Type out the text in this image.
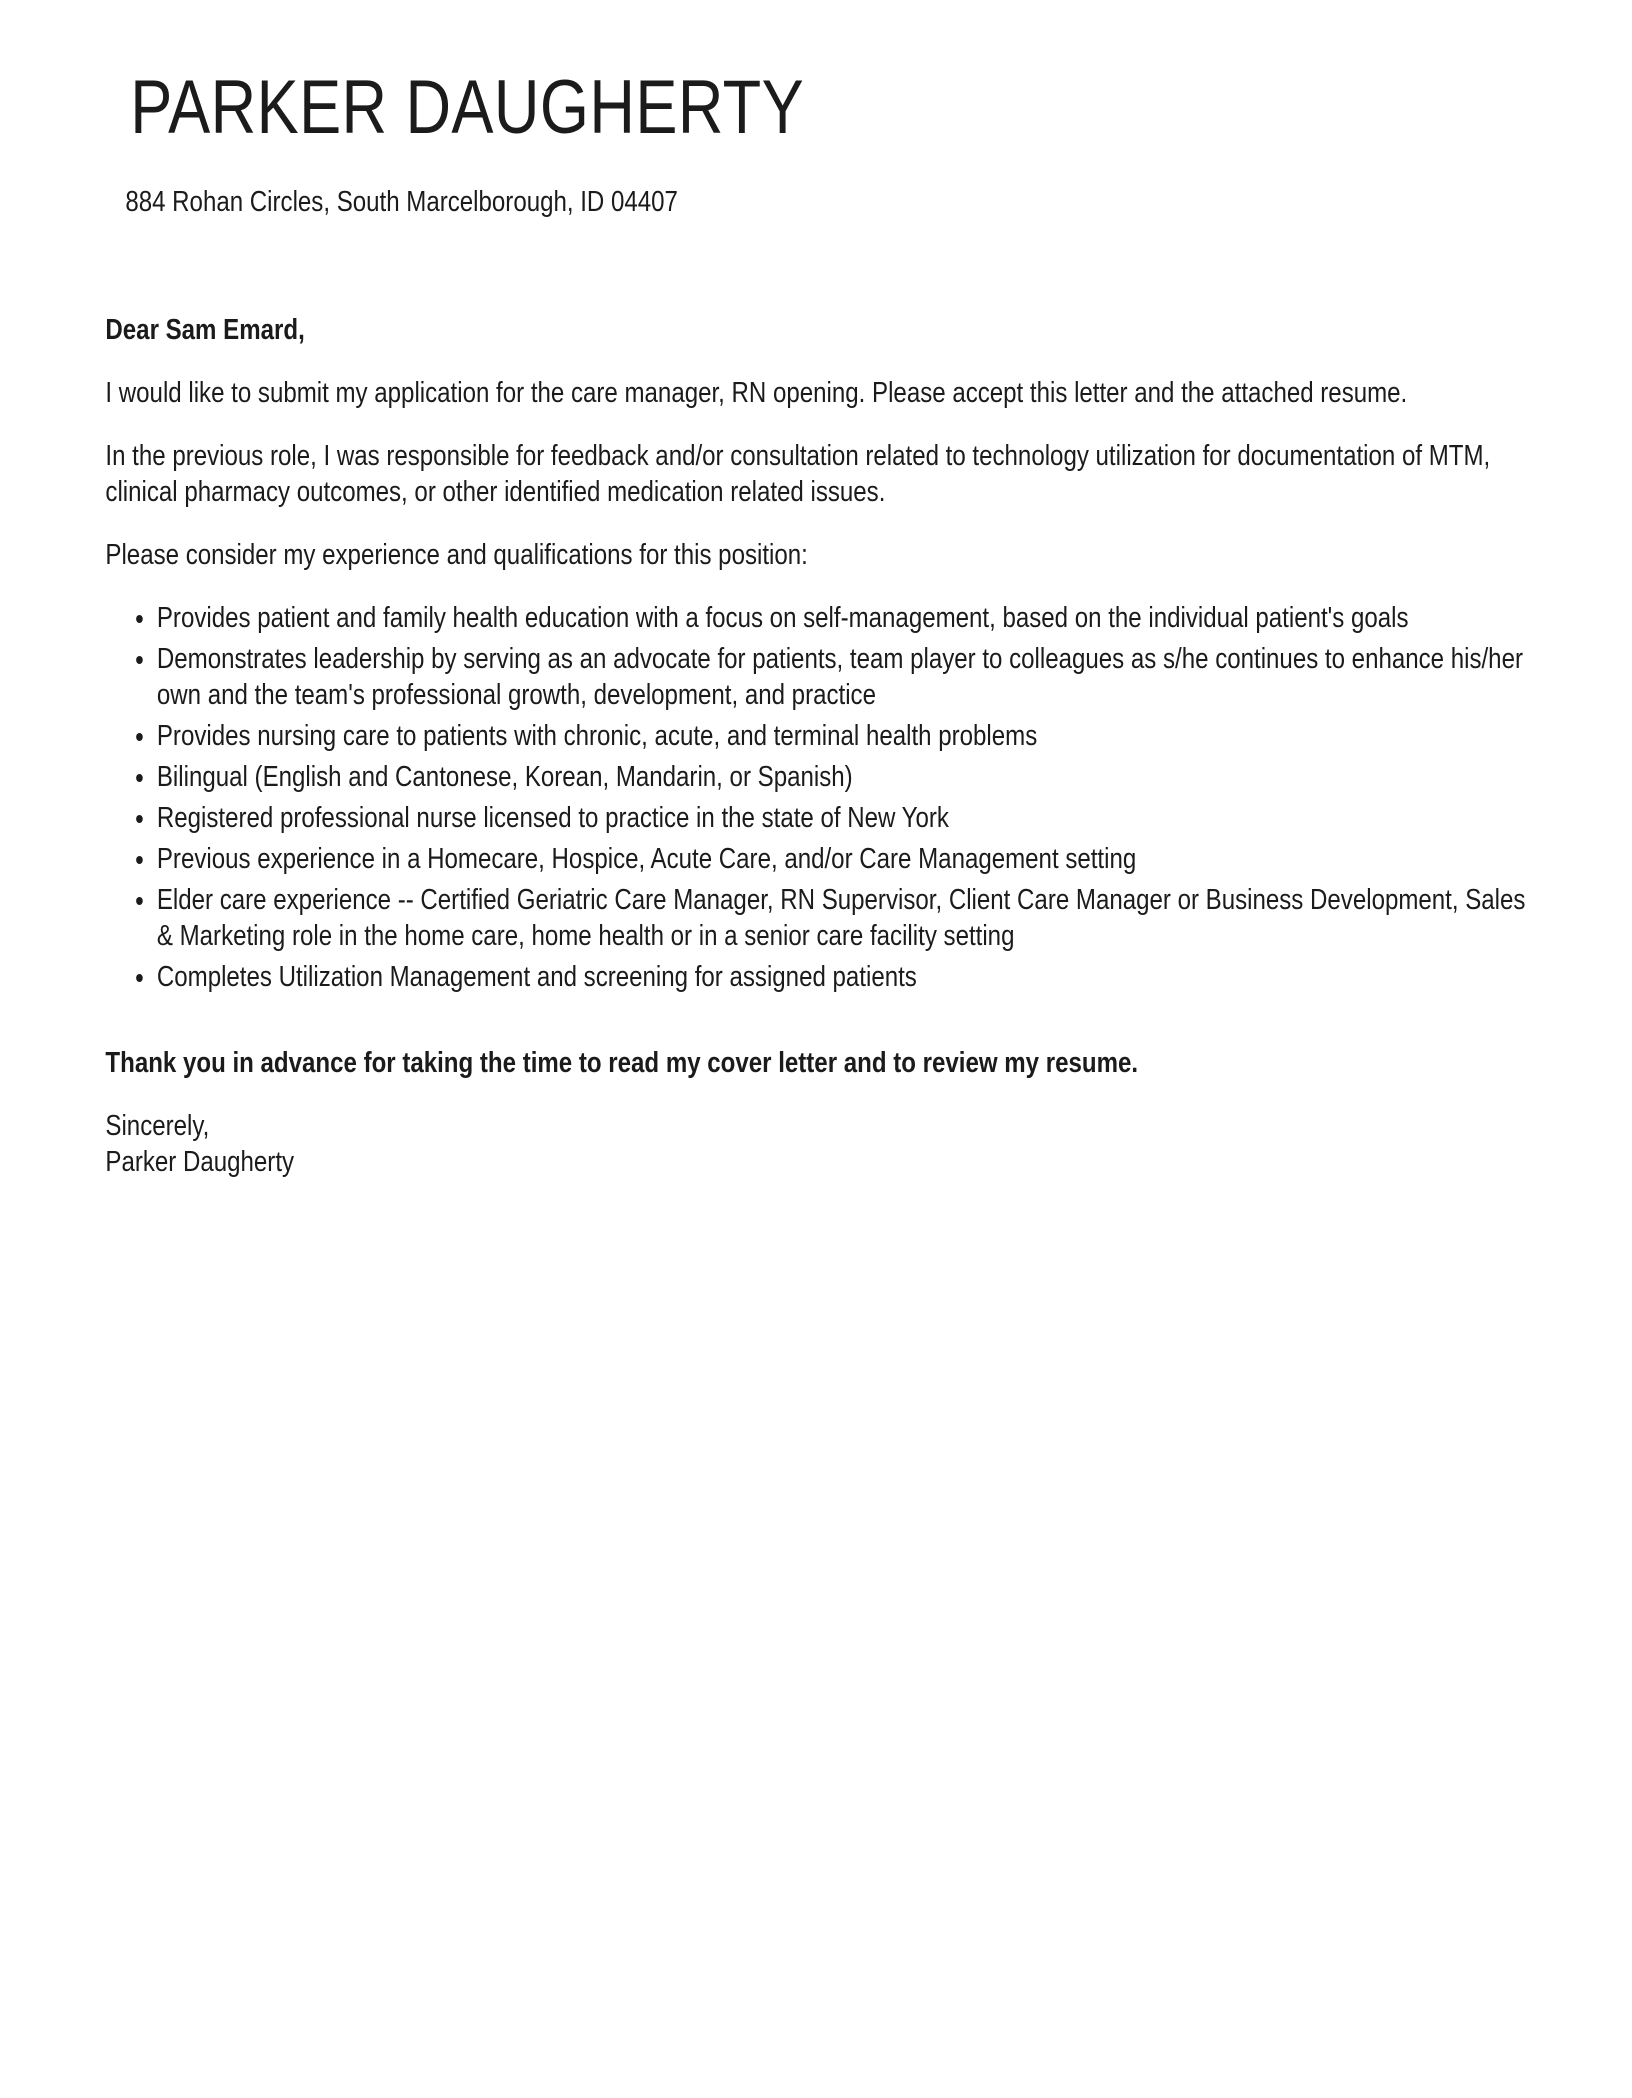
PARKER DAUGHERTY
884 Rohan Circles, South Marcelborough, ID 04407

Dear Sam Emard,

I would like to submit my application for the care manager, RN opening. Please accept this letter and the attached resume.

In the previous role, I was responsible for feedback and/or consultation related to technology utilization for documentation of MTM, clinical pharmacy outcomes, or other identified medication related issues.

Please consider my experience and qualifications for this position:

• Provides patient and family health education with a focus on self-management, based on the individual patient's goals
• Demonstrates leadership by serving as an advocate for patients, team player to colleagues as s/he continues to enhance his/her own and the team's professional growth, development, and practice
• Provides nursing care to patients with chronic, acute, and terminal health problems
• Bilingual (English and Cantonese, Korean, Mandarin, or Spanish)
• Registered professional nurse licensed to practice in the state of New York
• Previous experience in a Homecare, Hospice, Acute Care, and/or Care Management setting
• Elder care experience -- Certified Geriatric Care Manager, RN Supervisor, Client Care Manager or Business Development, Sales & Marketing role in the home care, home health or in a senior care facility setting
• Completes Utilization Management and screening for assigned patients

Thank you in advance for taking the time to read my cover letter and to review my resume.

Sincerely,
Parker Daugherty
